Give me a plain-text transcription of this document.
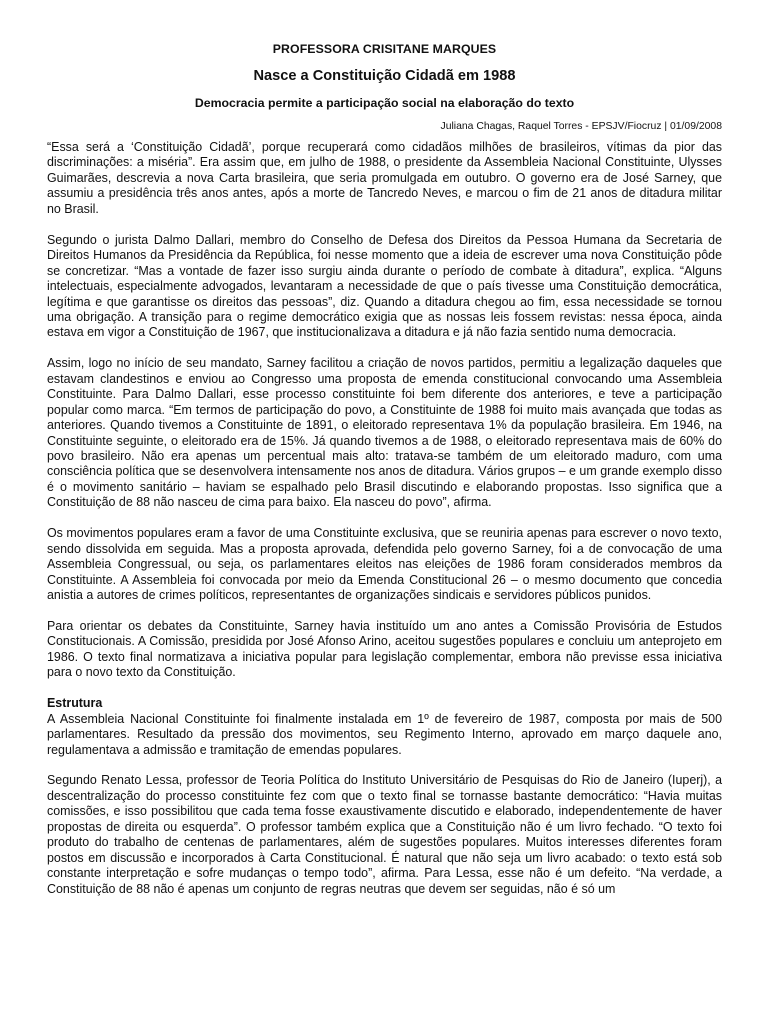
PROFESSORA CRISITANE MARQUES

Nasce a Constituição Cidadã em 1988

Democracia permite a participação social na elaboração do texto

Juliana Chagas, Raquel Torres - EPSJV/Fiocruz | 01/09/2008

“Essa será a ‘Constituição Cidadã’, porque recuperará como cidadãos milhões de brasileiros, vítimas da pior das discriminações: a miséria”. Era assim que, em julho de 1988, o presidente da Assembleia Nacional Constituinte, Ulysses Guimarães, descrevia a nova Carta brasileira, que seria promulgada em outubro. O governo era de José Sarney, que assumiu a presidência três anos antes, após a morte de Tancredo Neves, e marcou o fim de 21 anos de ditadura militar no Brasil.

Segundo o jurista Dalmo Dallari, membro do Conselho de Defesa dos Direitos da Pessoa Humana da Secretaria de Direitos Humanos da Presidência da República, foi nesse momento que a ideia de escrever uma nova Constituição pôde se concretizar. “Mas a vontade de fazer isso surgiu ainda durante o período de combate à ditadura”, explica. “Alguns intelectuais, especialmente advogados, levantaram a necessidade de que o país tivesse uma Constituição democrática, legítima e que garantisse os direitos das pessoas”, diz. Quando a ditadura chegou ao fim, essa necessidade se tornou uma obrigação. A transição para o regime democrático exigia que as nossas leis fossem revistas: nessa época, ainda estava em vigor a Constituição de 1967, que institucionalizava a ditadura e já não fazia sentido numa democracia.

Assim, logo no início de seu mandato, Sarney facilitou a criação de novos partidos, permitiu a legalização daqueles que estavam clandestinos e enviou ao Congresso uma proposta de emenda constitucional convocando uma Assembleia Constituinte. Para Dalmo Dallari, esse processo constituinte foi bem diferente dos anteriores, e teve a participação popular como marca. “Em termos de participação do povo, a Constituinte de 1988 foi muito mais avançada que todas as anteriores. Quando tivemos a Constituinte de 1891, o eleitorado representava 1% da população brasileira. Em 1946, na Constituinte seguinte, o eleitorado era de 15%. Já quando tivemos a de 1988, o eleitorado representava mais de 60% do povo brasileiro. Não era apenas um percentual mais alto: tratava-se também de um eleitorado maduro, com uma consciência política que se desenvolvera intensamente nos anos de ditadura. Vários grupos – e um grande exemplo disso é o movimento sanitário – haviam se espalhado pelo Brasil discutindo e elaborando propostas. Isso significa que a Constituição de 88 não nasceu de cima para baixo. Ela nasceu do povo”, afirma.

Os movimentos populares eram a favor de uma Constituinte exclusiva, que se reuniria apenas para escrever o novo texto, sendo dissolvida em seguida. Mas a proposta aprovada, defendida pelo governo Sarney, foi a de convocação de uma Assembleia Congressual, ou seja, os parlamentares eleitos nas eleições de 1986 foram considerados membros da Constituinte. A Assembleia foi convocada por meio da Emenda Constitucional 26 – o mesmo documento que concedia anistia a autores de crimes políticos, representantes de organizações sindicais e servidores públicos punidos.

Para orientar os debates da Constituinte, Sarney havia instituído um ano antes a Comissão Provisória de Estudos Constitucionais. A Comissão, presidida por José Afonso Arino, aceitou sugestões populares e concluiu um anteprojeto em 1986. O texto final normatizava a iniciativa popular para legislação complementar, embora não previsse essa iniciativa para o novo texto da Constituição.

Estrutura

A Assembleia Nacional Constituinte foi finalmente instalada em 1º de fevereiro de 1987, composta por mais de 500 parlamentares. Resultado da pressão dos movimentos, seu Regimento Interno, aprovado em março daquele ano, regulamentava a admissão e tramitação de emendas populares.

Segundo Renato Lessa, professor de Teoria Política do Instituto Universitário de Pesquisas do Rio de Janeiro (Iuperj), a descentralização do processo constituinte fez com que o texto final se tornasse bastante democrático: “Havia muitas comissões, e isso possibilitou que cada tema fosse exaustivamente discutido e elaborado, independentemente de haver propostas de direita ou esquerda”. O professor também explica que a Constituição não é um livro fechado. “O texto foi produto do trabalho de centenas de parlamentares, além de sugestões populares. Muitos interesses diferentes foram postos em discussão e incorporados à Carta Constitucional. É natural que não seja um livro acabado: o texto está sob constante interpretação e sofre mudanças o tempo todo”, afirma. Para Lessa, esse não é um defeito. “Na verdade, a Constituição de 88 não é apenas um conjunto de regras neutras que devem ser seguidas, não é só um
